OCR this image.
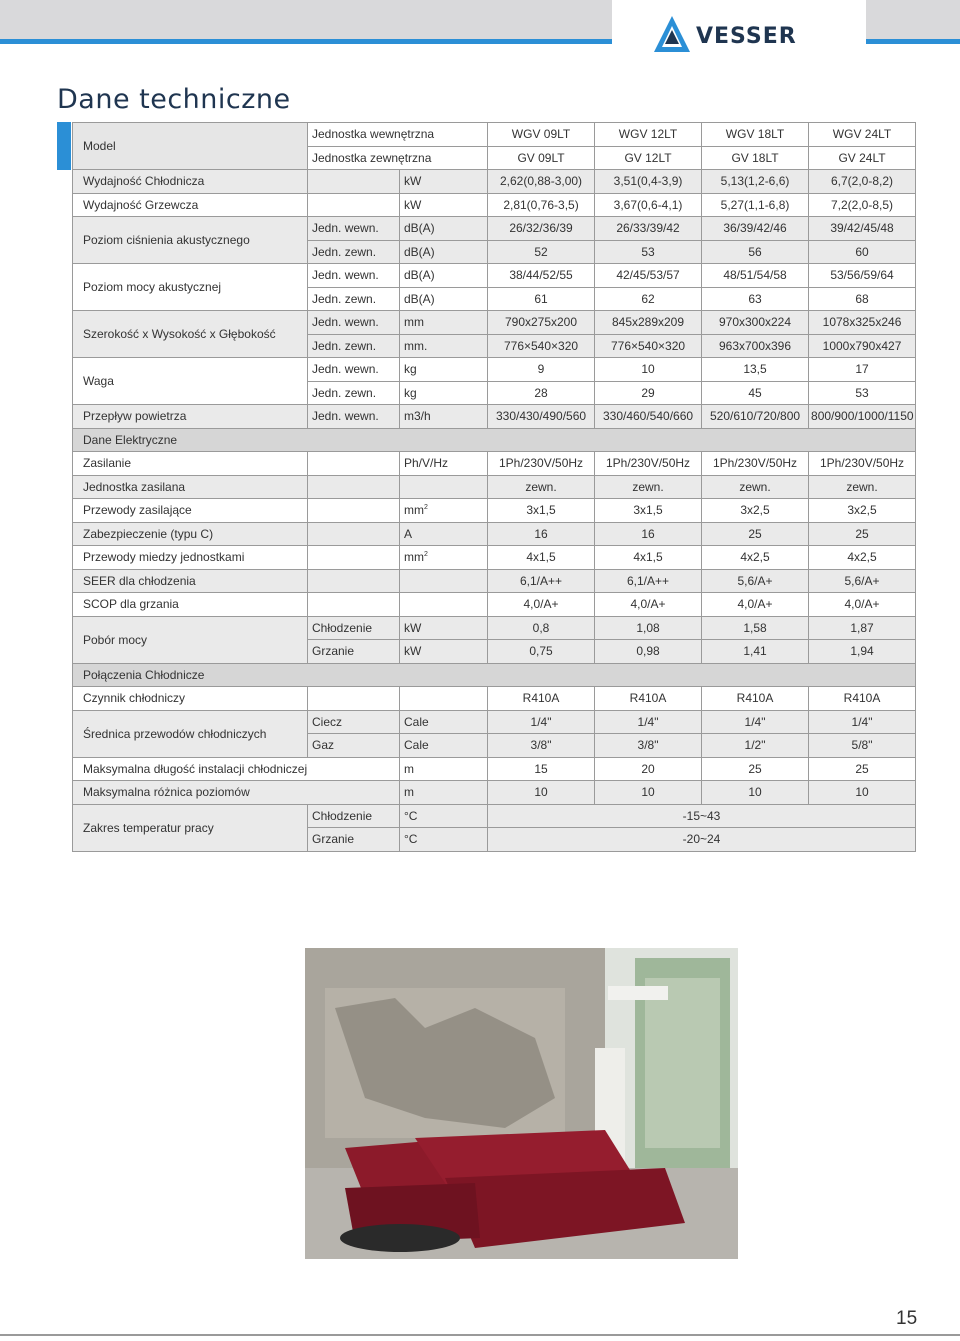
VESSER
Dane techniczne
Model	Jednostka wewnętrzna		WGV 09LT	WGV 12LT	WGV 18LT	WGV 24LT
	Jednostka zewnętrzna		GV 09LT	GV 12LT	GV 18LT	GV 24LT
Wydajność Chłodnicza		kW	2,62(0,88-3,00)	3,51(0,4-3,9)	5,13(1,2-6,6)	6,7(2,0-8,2)
Wydajność Grzewcza		kW	2,81(0,76-3,5)	3,67(0,6-4,1)	5,27(1,1-6,8)	7,2(2,0-8,5)
Poziom ciśnienia akustycznego	Jedn. wewn.	dB(A)	26/32/36/39	26/33/39/42	36/39/42/46	39/42/45/48
	Jedn. zewn.	dB(A)	52	53	56	60
Poziom mocy akustycznej	Jedn. wewn.	dB(A)	38/44/52/55	42/45/53/57	48/51/54/58	53/56/59/64
	Jedn. zewn.	dB(A)	61	62	63	68
Szerokość x Wysokość x Głębokość	Jedn. wewn.	mm	790x275x200	845x289x209	970x300x224	1078x325x246
	Jedn. zewn.	mm.	776×540×320	776×540×320	963x700x396	1000x790x427
Waga	Jedn. wewn.	kg	9	10	13,5	17
	Jedn. zewn.	kg	28	29	45	53
Przepływ powietrza	Jedn. wewn.	m3/h	330/430/490/560	330/460/540/660	520/610/720/800	800/900/1000/1150
Dane Elektryczne						
Zasilanie		Ph/V/Hz	1Ph/230V/50Hz	1Ph/230V/50Hz	1Ph/230V/50Hz	1Ph/230V/50Hz
Jednostka zasilana			zewn.	zewn.	zewn.	zewn.
Przewody zasilające		$mm^2$	3x1,5	3x1,5	3x2,5	3x2,5
Zabezpieczenie (typu C)		A	16	16	25	25
Przewody miedzy jednostkami		$mm^2$	4x1,5	4x1,5	4x2,5	4x2,5
SEER dla chłodzenia			6,1/A++	6,1/A++	5,6/A+	5,6/A+
SCOP dla grzania			4,0/A+	4,0/A+	4,0/A+	4,0/A+
Pobór mocy	Chłodzenie	kW	0,8	1,08	1,58	1,87
	Grzanie	kW	0,75	0,98	1,41	1,94
Połączenia Chłodnicze						
Czynnik chłodniczy			R410A	R410A	R410A	R410A
Średnica przewodów chłodniczych	Ciecz	Cale	1/4"	1/4"	1/4"	1/4"
	Gaz	Cale	3/8"	3/8"	1/2"	5/8"
Maksymalna długość instalacji chłodniczej		m	15	20	25	25
Maksymalna różnica poziomów		m	10	10	10	10
Zakres temperatur pracy	Chłodzenie	°C	-15~43			
	Grzanie	°C	-20~24			
15
